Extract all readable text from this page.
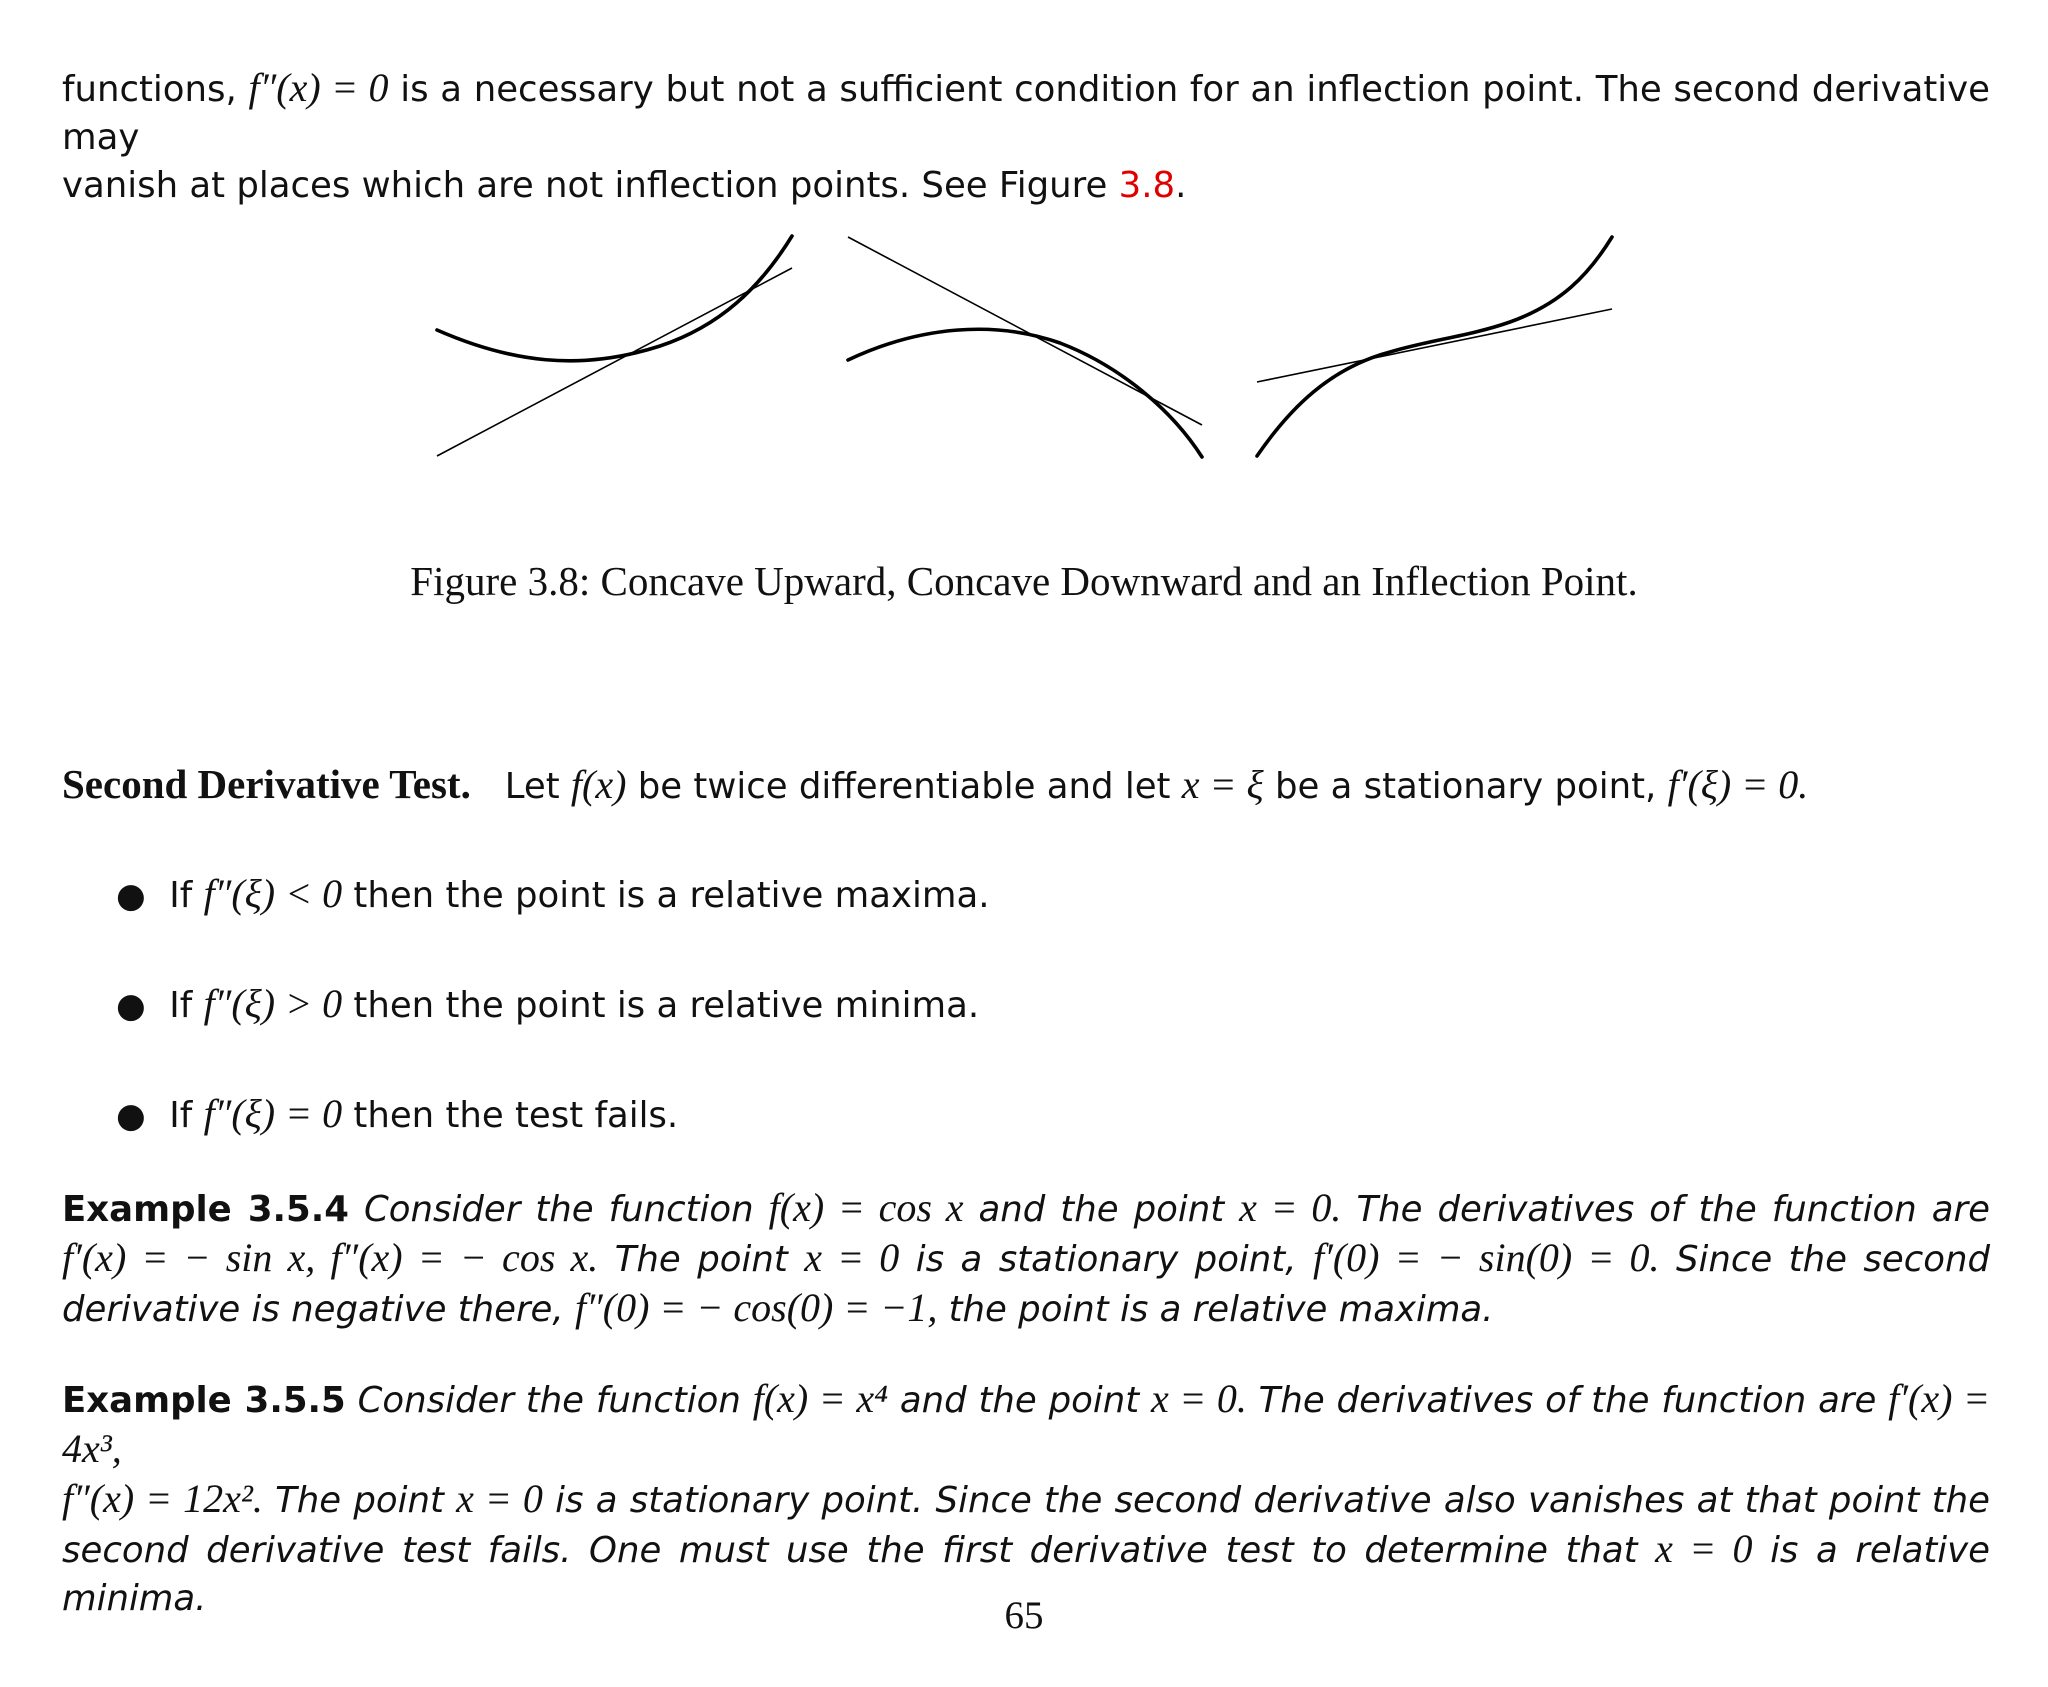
functions, f″(x) = 0 is a necessary but not a sufficient condition for an inflection point. The second derivative may
vanish at places which are not inflection points. See Figure 3.8.
Figure 3.8: Concave Upward, Concave Downward and an Inflection Point.
Second Derivative Test. Let f(x) be twice differentiable and let x = ξ be a stationary point, f′(ξ) = 0.
● If f″(ξ) < 0 then the point is a relative maxima.
● If f″(ξ) > 0 then the point is a relative minima.
● If f″(ξ) = 0 then the test fails.
Example 3.5.4 Consider the function f(x) = cos x and the point x = 0. The derivatives of the function are
f′(x) = − sin x, f″(x) = − cos x. The point x = 0 is a stationary point, f′(0) = − sin(0) = 0. Since the second
derivative is negative there, f″(0) = − cos(0) = −1, the point is a relative maxima.
Example 3.5.5 Consider the function f(x) = x⁴ and the point x = 0. The derivatives of the function are f′(x) = 4x³,
f″(x) = 12x². The point x = 0 is a stationary point. Since the second derivative also vanishes at that point the
second derivative test fails. One must use the first derivative test to determine that x = 0 is a relative minima.	65
